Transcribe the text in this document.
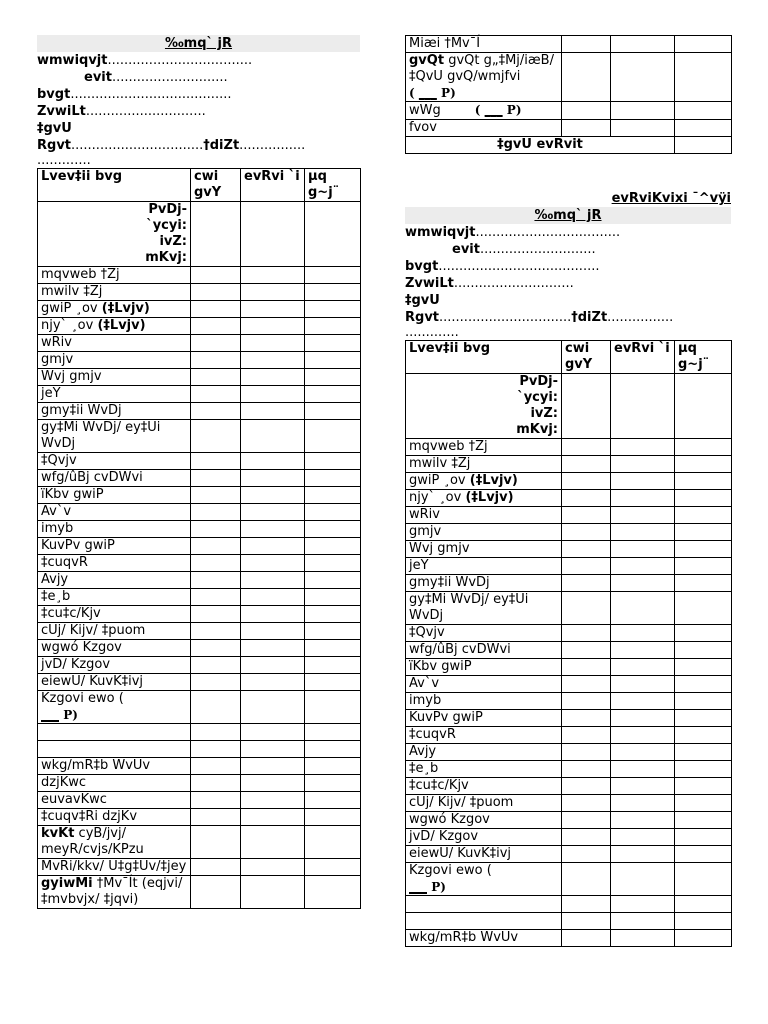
‰mq` jR
wmwiqvjt...................................
evit............................
bvgt.......................................
ZvwiLt.............................
‡gvU
Rgvt................................†diZt................
.............
Lvev‡ii bvg	cwi gvY	evRvi `i	µq g~j¨

PvDj-
`ycyi:
ivZ:
mKvj:			

mqvweb †Zj			
mwilv ‡Zj			
gwiP ¸ov (‡Lvjv)			
njy` ¸ov (‡Lvjv)			
wRiv			
gmjv			
Wvj gmjv			
jeY			
gmy‡ii WvDj			
gy‡Mi WvDj/ ey‡Ui WvDj			
‡Qvjv			
wfg/ûBj cvDWvi			
ïKbv gwiP			
Av`v			
imyb			
KuvPv gwiP			
‡cuqvR			
Avjy			
‡e¸b			
‡cu‡c/Kjv			
cUj/ Kijv/ ‡puom			
wgwó Kzgov			
jvD/ Kzgov			
eiewU/ KuvK‡ivj			
Kzgovi ewo (
___ P)			

wkg/mR‡b WvUv			
dzjKwc			
euvavKwc			
‡cuqv‡Ri dzjKv			
kvKt cyB/jvj/ meyR/cvjs/KPzu			
MvRi/kkv/ U‡g‡Uv/‡jey			
gyiwMi †Mv¯Ít (eqjvi/‡mvbvjx/ ‡jqvi)			
Miæi †Mv¯Í			
gvQt gvQt g„‡Mj/iæB/ ‡QvU gvQ/wmjfvi
( ___ P)			

wWg ( ___ P)			
fvov			
‡gvU evRvit			
evRviKvixi ¯^vÿi
‰mq` jR
wmwiqvjt...................................
evit............................
bvgt.......................................
ZvwiLt.............................
‡gvU
Rgvt................................†diZt................
.............
Lvev‡ii bvg	cwi gvY	evRvi `i	µq g~j¨

PvDj-
`ycyi:
ivZ:
mKvj:			

mqvweb †Zj			
mwilv ‡Zj			
gwiP ¸ov (‡Lvjv)			
njy` ¸ov (‡Lvjv)			
wRiv			
gmjv			
Wvj gmjv			
jeY			
gmy‡ii WvDj			
gy‡Mi WvDj/ ey‡Ui WvDj			
‡Qvjv			
wfg/ûBj cvDWvi			
ïKbv gwiP			
Av`v			
imyb			
KuvPv gwiP			
‡cuqvR			
Avjy			
‡e¸b			
‡cu‡c/Kjv			
cUj/ Kijv/ ‡puom			
wgwó Kzgov			
jvD/ Kzgov			
eiewU/ KuvK‡ivj			
Kzgovi ewo (
___ P)			

wkg/mR‡b WvUv			
